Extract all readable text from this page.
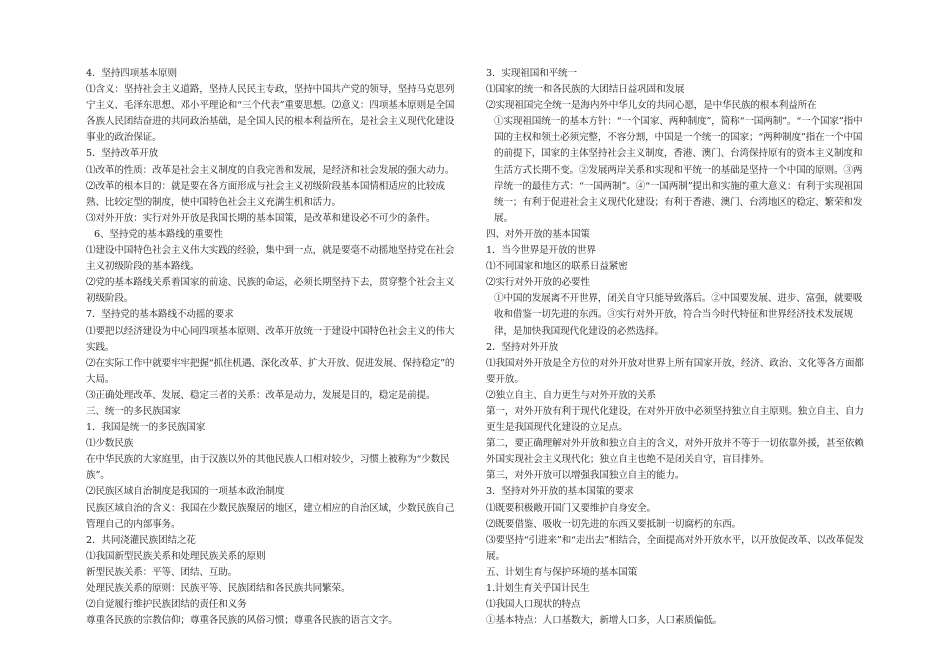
4．坚持四项基本原则
⑴含义：坚持社会主义道路，坚持人民民主专政，坚持中国共产党的领导，坚持马克思列宁主义、毛泽东思想、邓小平理论和“三个代表”重要思想。⑵意义：四项基本原则是全国各族人民团结奋进的共同政治基础，是全国人民的根本利益所在，是社会主义现代化建设事业的政治保证。
5．坚持改革开放
⑴改革的性质：改革是社会主义制度的自我完善和发展，是经济和社会发展的强大动力。
⑵改革的根本目的：就是要在各方面形成与社会主义初级阶段基本国情相适应的比较成熟、比较定型的制度，使中国特色社会主义充满生机和活力。
⑶对外开放：实行对外开放是我国长期的基本国策，是改革和建设必不可少的条件。
6、坚持党的基本路线的重要性
⑴建设中国特色社会主义伟大实践的经验，集中到一点，就是要毫不动摇地坚持党在社会主义初级阶段的基本路线。
⑵党的基本路线关系着国家的前途、民族的命运，必须长期坚持下去，贯穿整个社会主义初级阶段。
7．坚持党的基本路线不动摇的要求
⑴要把以经济建设为中心同四项基本原则、改革开放统一于建设中国特色社会主义的伟大实践。
⑵在实际工作中就要牢牢把握“抓住机遇、深化改革、扩大开放、促进发展、保持稳定”的大局。
⑶正确处理改革、发展、稳定三者的关系：改革是动力，发展是目的，稳定是前提。
三、统一的多民族国家
1．我国是统一的多民族国家
⑴少数民族
在中华民族的大家庭里，由于汉族以外的其他民族人口相对较少，习惯上被称为“少数民族”。
⑵民族区域自治制度是我国的一项基本政治制度
民族区域自治的含义：我国在少数民族聚居的地区，建立相应的自治区域，少数民族自己管理自己的内部事务。
2．共同浇灌民族团结之花
⑴我国新型民族关系和处理民族关系的原则
新型民族关系：平等、团结、互助。
处理民族关系的原则：民族平等、民族团结和各民族共同繁荣。
⑵自觉履行维护民族团结的责任和义务
尊重各民族的宗教信仰；尊重各民族的风俗习惯；尊重各民族的语言文字。
3．实现祖国和平统一
⑴国家的统一和各民族的大团结日益巩固和发展
⑵实现祖国完全统一是海内外中华儿女的共同心愿，是中华民族的根本利益所在
①实现祖国统一的基本方针：“一个国家、两种制度”，简称“一国两制”。“一个国家”指中国的主权和领土必须完整，不容分割，中国是一个统一的国家；“两种制度”指在一个中国的前提下，国家的主体坚持社会主义制度，香港、澳门、台湾保持原有的资本主义制度和生活方式长期不变。②发展两岸关系和实现和平统一的基础是坚持一个中国的原则。③两岸统一的最佳方式：“一国两制”。④“一国两制”提出和实施的重大意义：有利于实现祖国统一；有利于促进社会主义现代化建设；有利于香港、澳门、台湾地区的稳定、繁荣和发展。
四、对外开放的基本国策
1．当今世界是开放的世界
⑴不同国家和地区的联系日益紧密
⑵实行对外开放的必要性
①中国的发展离不开世界，闭关自守只能导致落后。②中国要发展、进步、富强，就要吸收和借鉴一切先进的东西。③实行对外开放，符合当今时代特征和世界经济技术发展规律，是加快我国现代化建设的必然选择。
2．坚持对外开放
⑴我国对外开放是全方位的对外开放对世界上所有国家开放，经济、政治、文化等各方面都要开放。
⑵独立自主、自力更生与对外开放的关系
第一，对外开放有利于现代化建设，在对外开放中必须坚持独立自主原则。独立自主、自力更生是我国现代化建设的立足点。
第二，要正确理解对外开放和独立自主的含义，对外开放并不等于一切依靠外援，甚至依赖外国实现社会主义现代化；独立自主也绝不是闭关自守，盲目排外。
第三，对外开放可以增强我国独立自主的能力。
3．坚持对外开放的基本国策的要求
⑴既要积极敞开国门又要维护自身安全。
⑵既要借鉴、吸收一切先进的东西又要抵制一切腐朽的东西。
⑶要坚持“引进来”和“走出去”相结合，全面提高对外开放水平，以开放促改革、以改革促发展。
五、计划生育与保护环境的基本国策
1.计划生育关乎国计民生
⑴我国人口现状的特点
①基本特点：人口基数大，新增人口多，人口素质偏低。
